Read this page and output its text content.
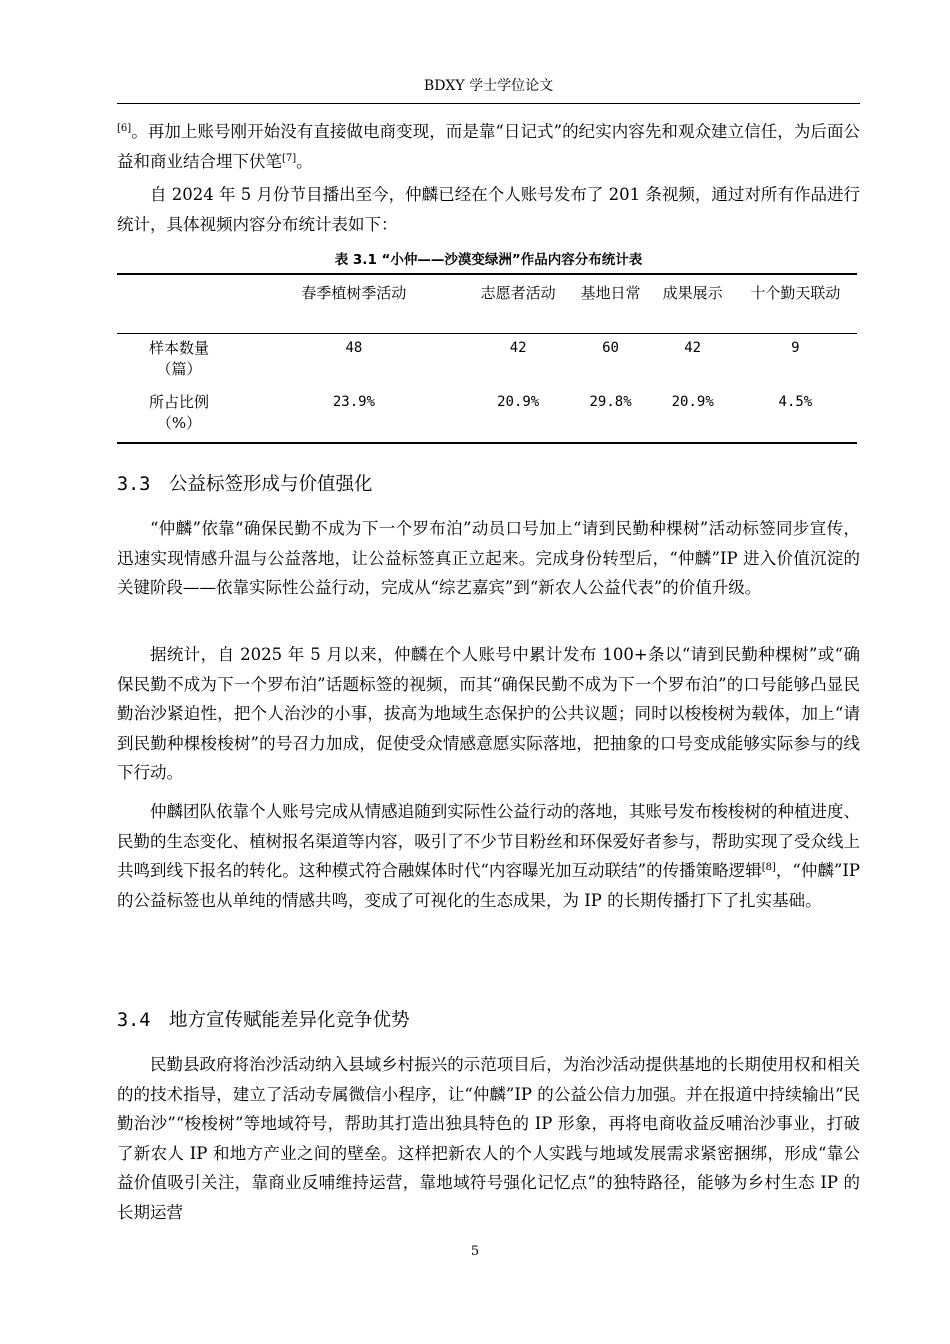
BDXY 学士学位论文

[6]。再加上账号刚开始没有直接做电商变现，而是靠“日记式”的纪实内容先和观众建立信任，为后面公益和商业结合埋下伏笔[7]。

自 2024 年 5 月份节目播出至今，仲麟已经在个人账号发布了 201 条视频，通过对所有作品进行统计，具体视频内容分布统计表如下：

表 3.1 “小仲——沙漠变绿洲”作品内容分布统计表
	春季植树季活动	志愿者活动	基地日常	成果展示	十个勤天联动

样本数量（篇）	48	42	60	42	9

所占比例（%）	23.9%	20.9%	29.8%	20.9%	4.5%
3.3 公益标签形成与价值强化

“仲麟”依靠“确保民勤不成为下一个罗布泊”动员口号加上“请到民勤种棵树”活动标签同步宣传，迅速实现情感升温与公益落地，让公益标签真正立起来。完成身份转型后，“仲麟”IP 进入价值沉淀的关键阶段——依靠实际性公益行动，完成从“综艺嘉宾”到“新农人公益代表”的价值升级。

据统计，自 2025 年 5 月以来，仲麟在个人账号中累计发布 100+条以“请到民勤种棵树”或“确保民勤不成为下一个罗布泊”话题标签的视频，而其“确保民勤不成为下一个罗布泊”的口号能够凸显民勤治沙紧迫性，把个人治沙的小事，拔高为地域生态保护的公共议题；同时以梭梭树为载体，加上“请到民勤种棵梭梭树”的号召力加成，促使受众情感意愿实际落地，把抽象的口号变成能够实际参与的线下行动。

仲麟团队依靠个人账号完成从情感追随到实际性公益行动的落地，其账号发布梭梭树的种植进度、民勤的生态变化、植树报名渠道等内容，吸引了不少节目粉丝和环保爱好者参与，帮助实现了受众线上共鸣到线下报名的转化。这种模式符合融媒体时代“内容曝光加互动联结”的传播策略逻辑[8]，“仲麟”IP 的公益标签也从单纯的情感共鸣，变成了可视化的生态成果，为 IP 的长期传播打下了扎实基础。

3.4 地方宣传赋能差异化竞争优势

民勤县政府将治沙活动纳入县域乡村振兴的示范项目后，为治沙活动提供基地的长期使用权和相关的的技术指导，建立了活动专属微信小程序，让“仲麟”IP 的公益公信力加强。并在报道中持续输出“民勤治沙”“梭梭树”等地域符号，帮助其打造出独具特色的 IP 形象，再将电商收益反哺治沙事业，打破了新农人 IP 和地方产业之间的壁垒。这样把新农人的个人实践与地域发展需求紧密捆绑，形成“靠公益价值吸引关注，靠商业反哺维持运营，靠地域符号强化记忆点”的独特路径，能够为乡村生态 IP 的长期运营

5
